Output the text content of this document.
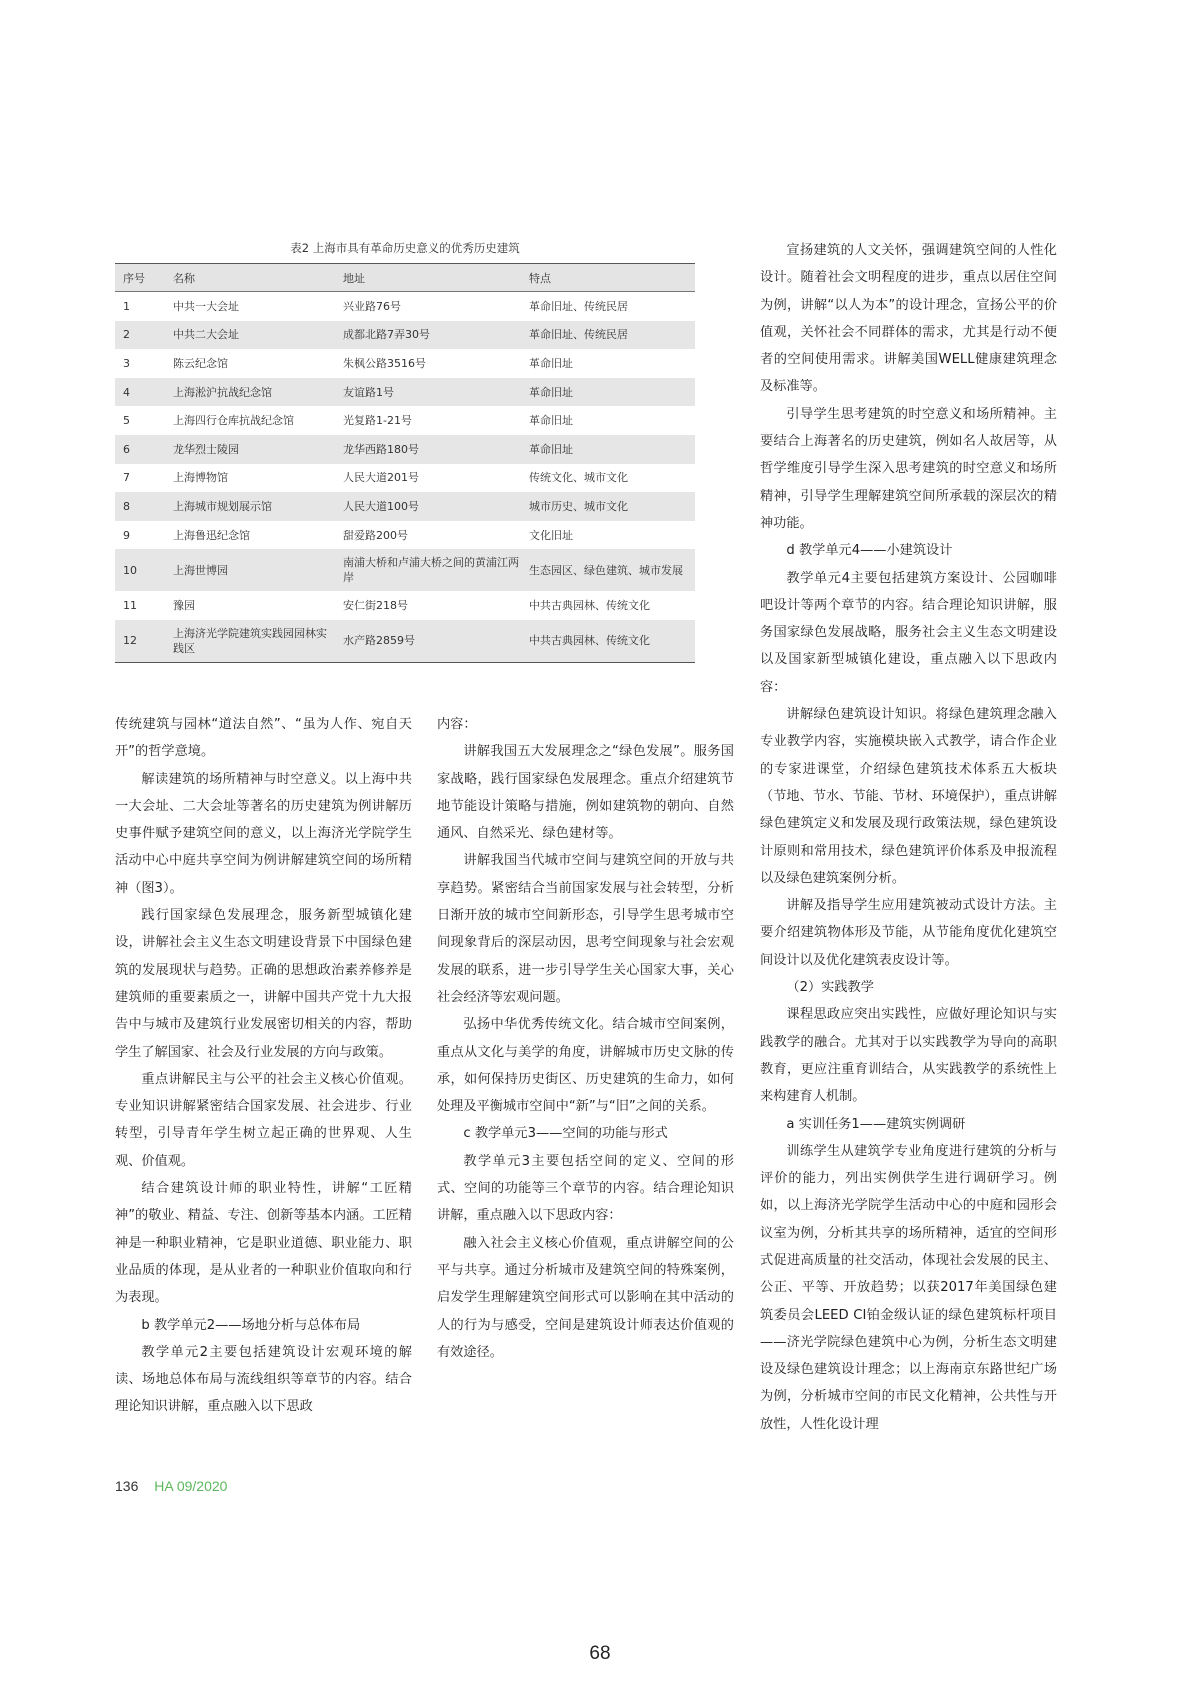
表2 上海市具有革命历史意义的优秀历史建筑
序号	名称	地址	特点
1	中共一大会址	兴业路76号	革命旧址、传统民居
2	中共二大会址	成都北路7弄30号	革命旧址、传统民居
3	陈云纪念馆	朱枫公路3516号	革命旧址
4	上海淞沪抗战纪念馆	友谊路1号	革命旧址
5	上海四行仓库抗战纪念馆	光复路1-21号	革命旧址
6	龙华烈士陵园	龙华西路180号	革命旧址
7	上海博物馆	人民大道201号	传统文化、城市文化
8	上海城市规划展示馆	人民大道100号	城市历史、城市文化
9	上海鲁迅纪念馆	甜爱路200号	文化旧址
10	上海世博园	南浦大桥和卢浦大桥之间的黄浦江两岸	生态园区、绿色建筑、城市发展
11	豫园	安仁街218号	中共古典园林、传统文化
12	上海济光学院建筑实践园园林实践区	水产路2859号	中共古典园林、传统文化

传统建筑与园林“道法自然”、“虽为人作、宛自天开”的哲学意境。

解读建筑的场所精神与时空意义。以上海中共一大会址、二大会址等著名的历史建筑为例讲解历史事件赋予建筑空间的意义，以上海济光学院学生活动中心中庭共享空间为例讲解建筑空间的场所精神（图3）。

践行国家绿色发展理念，服务新型城镇化建设，讲解社会主义生态文明建设背景下中国绿色建筑的发展现状与趋势。正确的思想政治素养修养是建筑师的重要素质之一，讲解中国共产党十九大报告中与城市及建筑行业发展密切相关的内容，帮助学生了解国家、社会及行业发展的方向与政策。

重点讲解民主与公平的社会主义核心价值观。专业知识讲解紧密结合国家发展、社会进步、行业转型，引导青年学生树立起正确的世界观、人生观、价值观。

结合建筑设计师的职业特性，讲解“工匠精神”的敬业、精益、专注、创新等基本内涵。工匠精神是一种职业精神，它是职业道德、职业能力、职业品质的体现，是从业者的一种职业价值取向和行为表现。

b 教学单元2——场地分析与总体布局

教学单元2主要包括建筑设计宏观环境的解读、场地总体布局与流线组织等章节的内容。结合理论知识讲解，重点融入以下思政

内容：

讲解我国五大发展理念之“绿色发展”。服务国家战略，践行国家绿色发展理念。重点介绍建筑节地节能设计策略与措施，例如建筑物的朝向、自然通风、自然采光、绿色建材等。

讲解我国当代城市空间与建筑空间的开放与共享趋势。紧密结合当前国家发展与社会转型，分析日渐开放的城市空间新形态，引导学生思考城市空间现象背后的深层动因，思考空间现象与社会宏观发展的联系，进一步引导学生关心国家大事，关心社会经济等宏观问题。

弘扬中华优秀传统文化。结合城市空间案例，重点从文化与美学的角度，讲解城市历史文脉的传承，如何保持历史街区、历史建筑的生命力，如何处理及平衡城市空间中“新”与“旧”之间的关系。

c 教学单元3——空间的功能与形式

教学单元3主要包括空间的定义、空间的形式、空间的功能等三个章节的内容。结合理论知识讲解，重点融入以下思政内容：

融入社会主义核心价值观，重点讲解空间的公平与共享。通过分析城市及建筑空间的特殊案例，启发学生理解建筑空间形式可以影响在其中活动的人的行为与感受，空间是建筑设计师表达价值观的有效途径。

宣扬建筑的人文关怀，强调建筑空间的人性化设计。随着社会文明程度的进步，重点以居住空间为例，讲解“以人为本”的设计理念，宣扬公平的价值观，关怀社会不同群体的需求，尤其是行动不便者的空间使用需求。讲解美国WELL健康建筑理念及标准等。

引导学生思考建筑的时空意义和场所精神。主要结合上海著名的历史建筑，例如名人故居等，从哲学维度引导学生深入思考建筑的时空意义和场所精神，引导学生理解建筑空间所承载的深层次的精神功能。

d 教学单元4——小建筑设计

教学单元4主要包括建筑方案设计、公园咖啡吧设计等两个章节的内容。结合理论知识讲解，服务国家绿色发展战略，服务社会主义生态文明建设以及国家新型城镇化建设，重点融入以下思政内容：

讲解绿色建筑设计知识。将绿色建筑理念融入专业教学内容，实施模块嵌入式教学，请合作企业的专家进课堂，介绍绿色建筑技术体系五大板块（节地、节水、节能、节材、环境保护），重点讲解绿色建筑定义和发展及现行政策法规，绿色建筑设计原则和常用技术，绿色建筑评价体系及申报流程以及绿色建筑案例分析。

讲解及指导学生应用建筑被动式设计方法。主要介绍建筑物体形及节能，从节能角度优化建筑空间设计以及优化建筑表皮设计等。

（2）实践教学

课程思政应突出实践性，应做好理论知识与实践教学的融合。尤其对于以实践教学为导向的高职教育，更应注重育训结合，从实践教学的系统性上来构建育人机制。

a 实训任务1——建筑实例调研

训练学生从建筑学专业角度进行建筑的分析与评价的能力，列出实例供学生进行调研学习。例如，以上海济光学院学生活动中心的中庭和园形会议室为例，分析其共享的场所精神，适宜的空间形式促进高质量的社交活动，体现社会发展的民主、公正、平等、开放趋势；以获2017年美国绿色建筑委员会LEED CI铂金级认证的绿色建筑标杆项目——济光学院绿色建筑中心为例，分析生态文明建设及绿色建筑设计理念；以上海南京东路世纪广场为例，分析城市空间的市民文化精神，公共性与开放性，人性化设计理

136 HA 09/2020
68
